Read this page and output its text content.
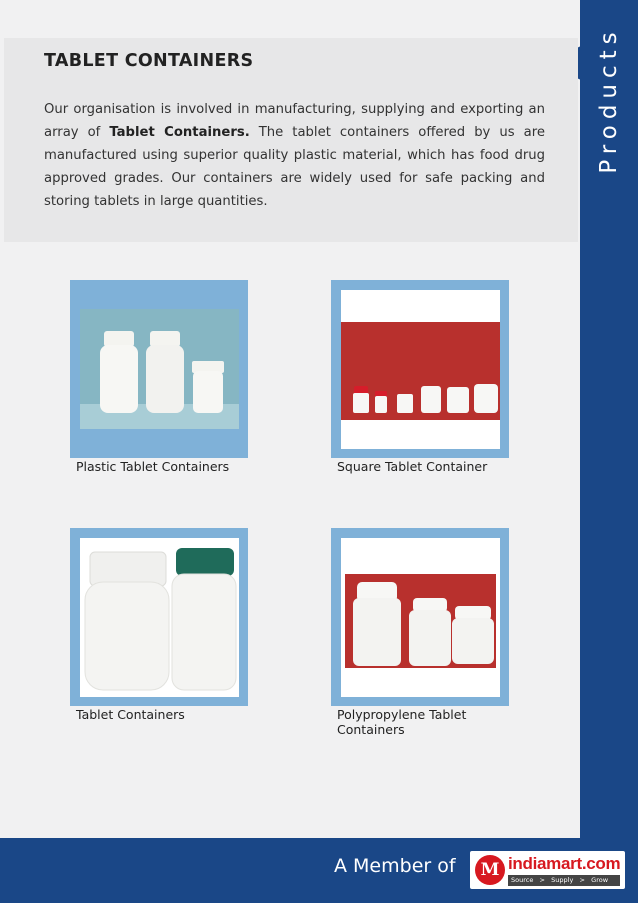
Products
TABLET CONTAINERS

Our organisation is involved in manufacturing, supplying and exporting an array of Tablet Containers. The tablet containers offered by us are manufactured using superior quality plastic material, which has food drug approved grades. Our containers are widely used for safe packing and storing tablets in large quantities.

Plastic Tablet Containers	Square Tablet Container
Tablet Containers	Polypropylene Tablet Containers
A Member of	M indiamart.com
Source   >   Supply   >   Grow
